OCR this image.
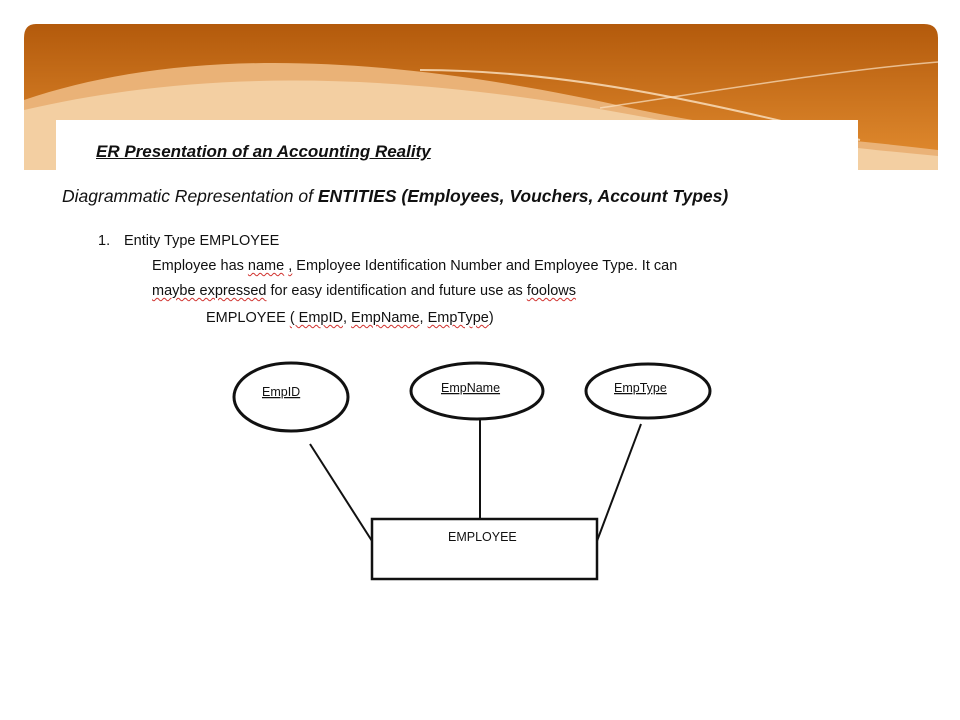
ER Presentation of an Accounting Reality
Diagrammatic Representation of ENTITIES (Employees, Vouchers, Account Types)
1. Entity Type EMPLOYEE
Employee has name , Employee Identification Number and Employee Type. It can
maybe expressed for easy identification and future use as foolows
EMPLOYEE ( EmpID, EmpName, EmpType)
EmpID	EmpName	EmpType
EMPLOYEE
